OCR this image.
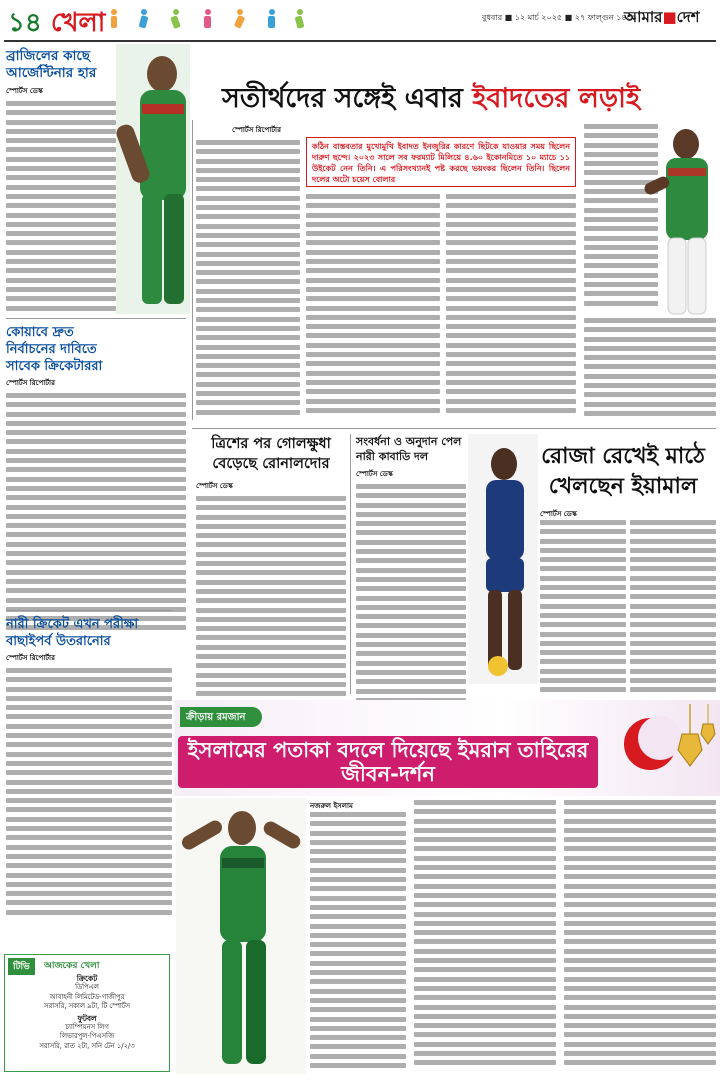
১৪ খেলা	বুধবার ■ ১২ মার্চ ২০২৫ ■ ২৭ ফাল্গুন ১৪৩১
আমার■দেশ
ব্রাজিলের কাছে আর্জেন্টিনার হার
স্পোর্টস ডেস্ক
কোয়াবে দ্রুত নির্বাচনের দাবিতে সাবেক ক্রিকেটাররা
স্পোর্টস রিপোর্টার
নারী ক্রিকেট এখন পরীক্ষা বাছাইপর্ব উতরানোর
স্পোর্টস রিপোর্টার
টিভি	আজকের খেলা
ক্রিকেট
ডিপিএল
আবাহনী লিমিটেড-গাজীপুর
সরাসরি, সকাল ৯টা, টি স্পোর্টস
ফুটবল
চ্যাম্পিয়নস লিগ
লিভারপুল-পিএসজি
সরাসরি, রাত ২টা, সনি টেন ১/২/৩
সতীর্থদের সঙ্গেই এবার ইবাদতের লড়াই
স্পোর্টস রিপোর্টার
কঠিন বাস্তবতার মুখোমুখি ইবাদত ইনজুরির কারণে ছিটকে যাওয়ার সময় ছিলেন দারুণ ছন্দে। ২০২৩ সালে সব ফরম্যাট মিলিয়ে ৪.৬০ ইকোনমিতে ১০ ম্যাচে ১১ উইকেট নেন তিনি। এ পরিসংখ্যানই পষ্ট করছে ভয়ংকর ছিলেন তিনি। ছিলেন দলের অটো চয়েস বোলার
ত্রিশের পর গোলক্ষুধা বেড়েছে রোনালদোর
স্পোর্টস ডেস্ক
সংবর্ধনা ও অনুদান পেল নারী কাবাডি দল
স্পোর্টস ডেস্ক
রোজা রেখেই মাঠে খেলছেন ইয়ামাল
স্পোর্টস ডেস্ক
ক্রীড়ায় রমজান
ইসলামের পতাকা বদলে দিয়েছে ইমরান তাহিরের জীবন-দর্শন
নজরুল ইসলাম
